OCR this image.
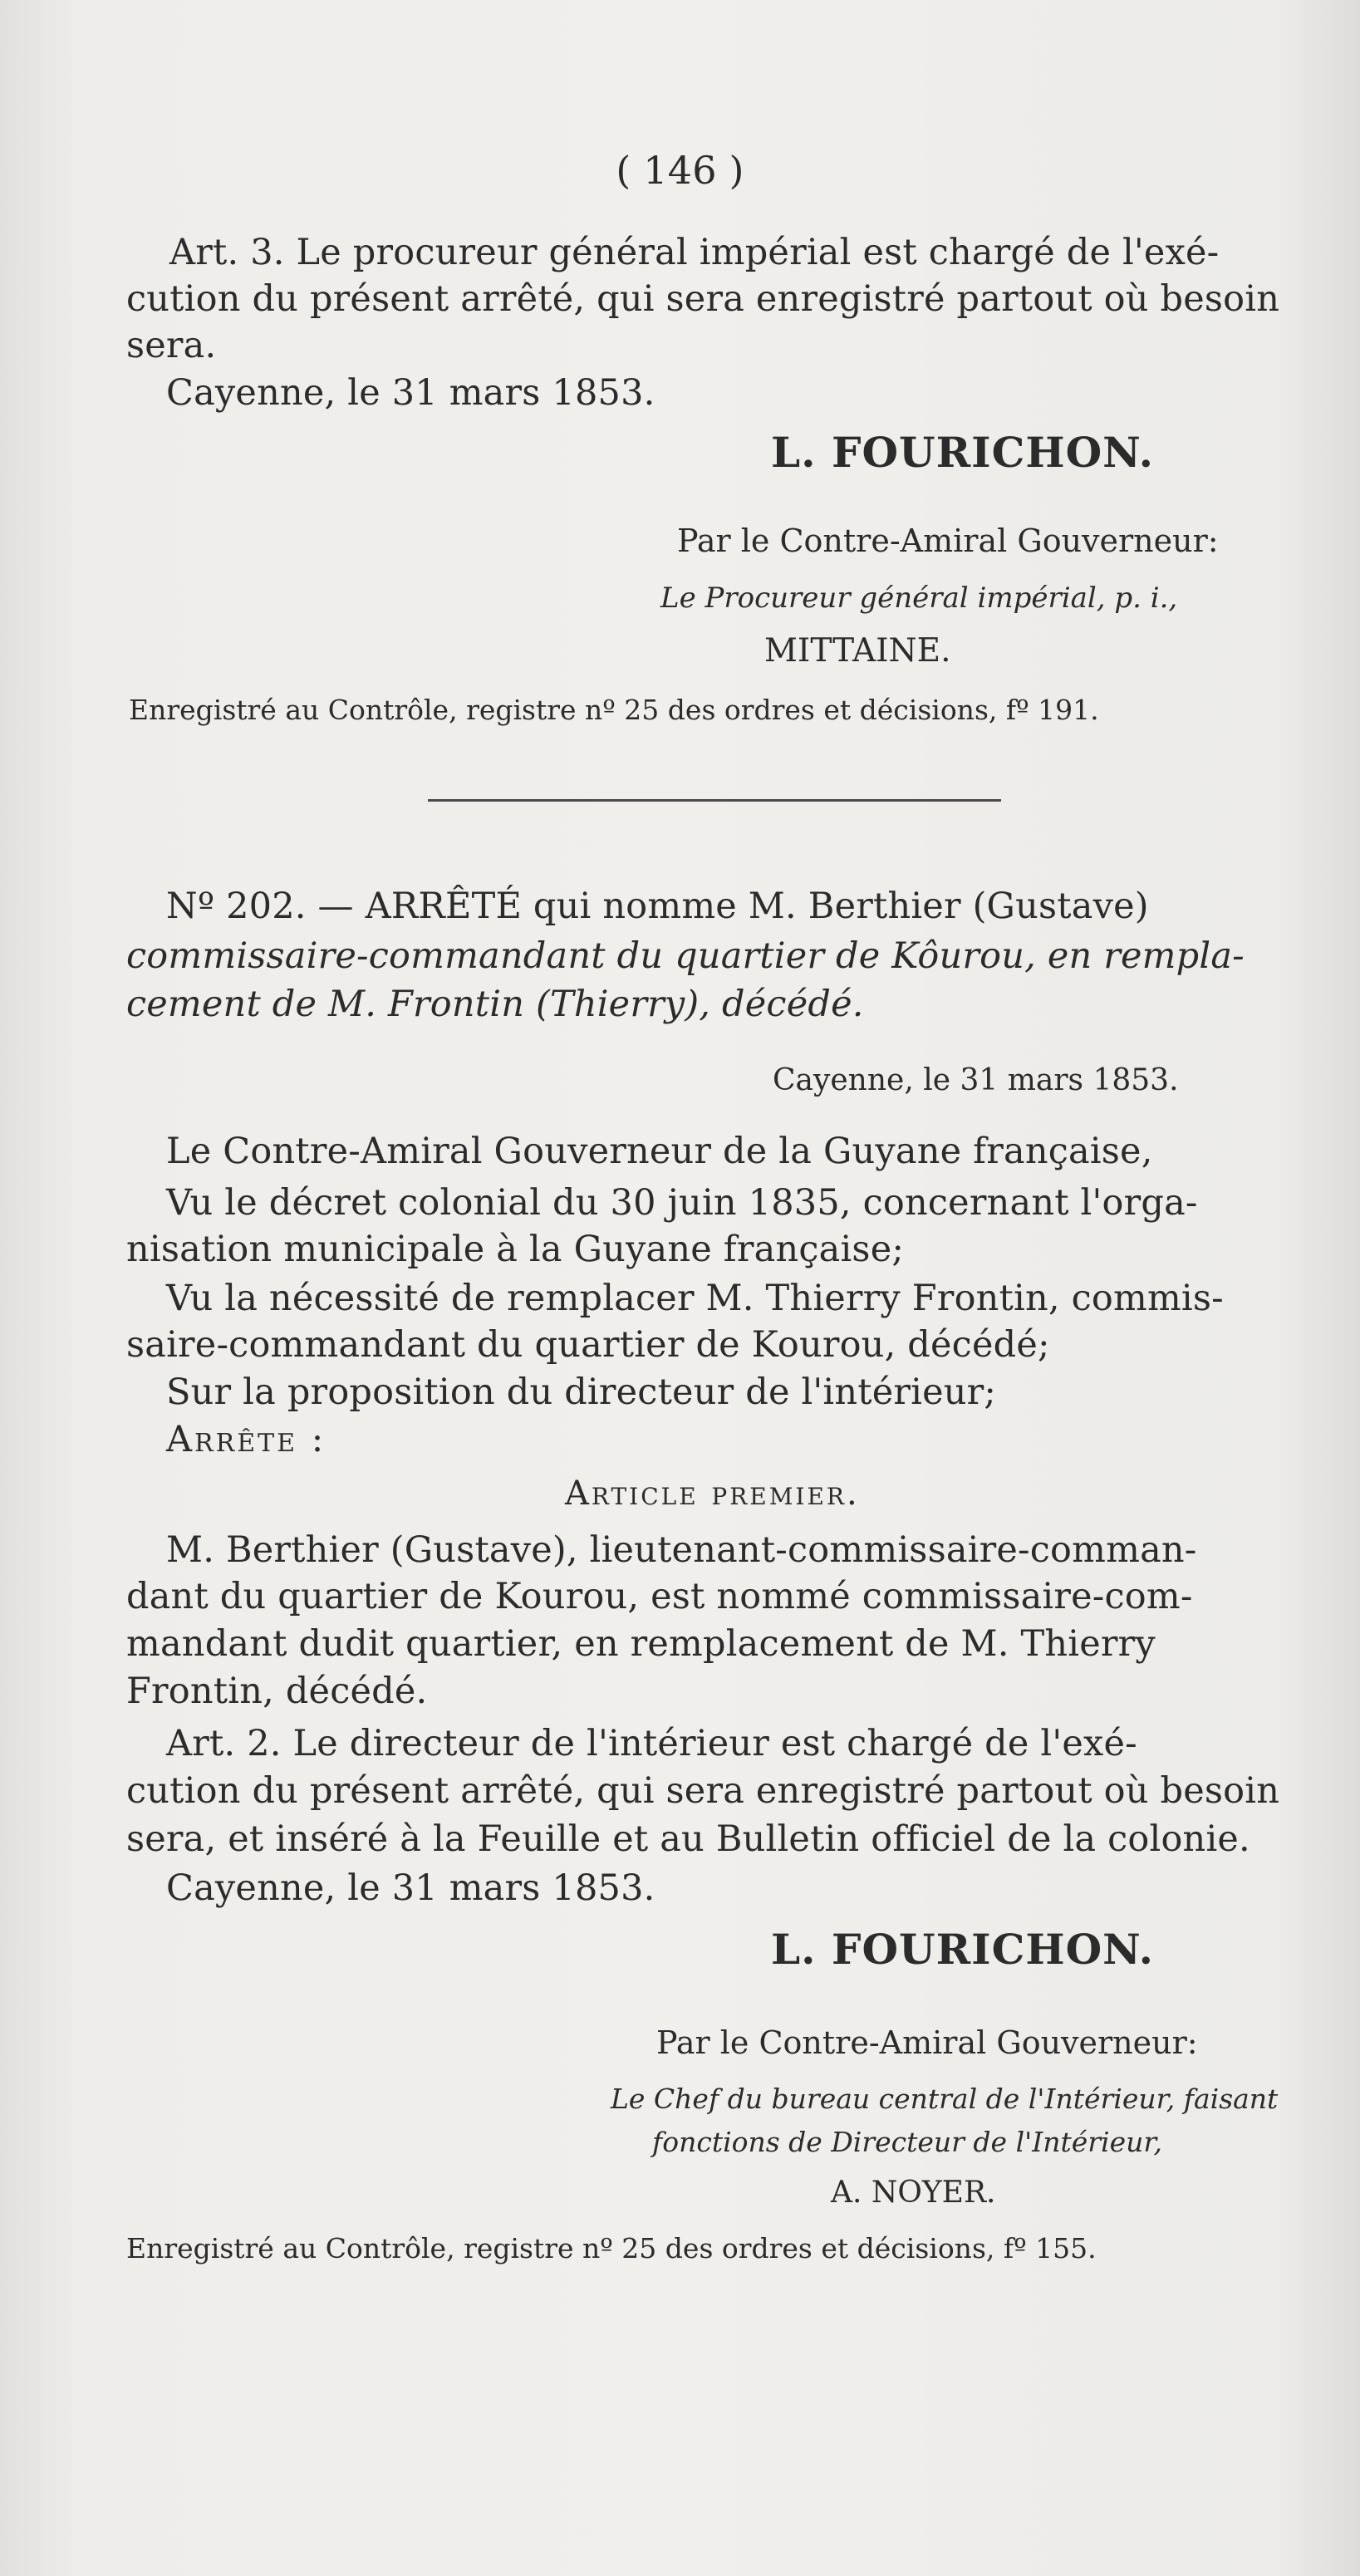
( 146 )
Art. 3. Le procureur général impérial est chargé de l'exé-
cution du présent arrêté, qui sera enregistré partout où besoin
sera.
Cayenne, le 31 mars 1853.
L. FOURICHON.
Par le Contre-Amiral Gouverneur:
Le Procureur général impérial, p. i.,
MITTAINE.
Enregistré au Contrôle, registre nº 25 des ordres et décisions, fº 191.
Nº 202. — ARRÊTÉ qui nomme M. Berthier (Gustave)
commissaire-commandant du quartier de Kôurou, en rempla-
cement de M. Frontin (Thierry), décédé.
Cayenne, le 31 mars 1853.
Le Contre-Amiral Gouverneur de la Guyane française,
Vu le décret colonial du 30 juin 1835, concernant l'orga-
nisation municipale à la Guyane française;
Vu la nécessité de remplacer M. Thierry Frontin, commis-
saire-commandant du quartier de Kourou, décédé;
Sur la proposition du directeur de l'intérieur;
Arrête :
Article premier.
M. Berthier (Gustave), lieutenant-commissaire-comman-
dant du quartier de Kourou, est nommé commissaire-com-
mandant dudit quartier, en remplacement de M. Thierry
Frontin, décédé.
Art. 2. Le directeur de l'intérieur est chargé de l'exé-
cution du présent arrêté, qui sera enregistré partout où besoin
sera, et inséré à la Feuille et au Bulletin officiel de la colonie.
Cayenne, le 31 mars 1853.
L. FOURICHON.
Par le Contre-Amiral Gouverneur:
Le Chef du bureau central de l'Intérieur, faisant
fonctions de Directeur de l'Intérieur,
A. NOYER.
Enregistré au Contrôle, registre nº 25 des ordres et décisions, fº 155.
